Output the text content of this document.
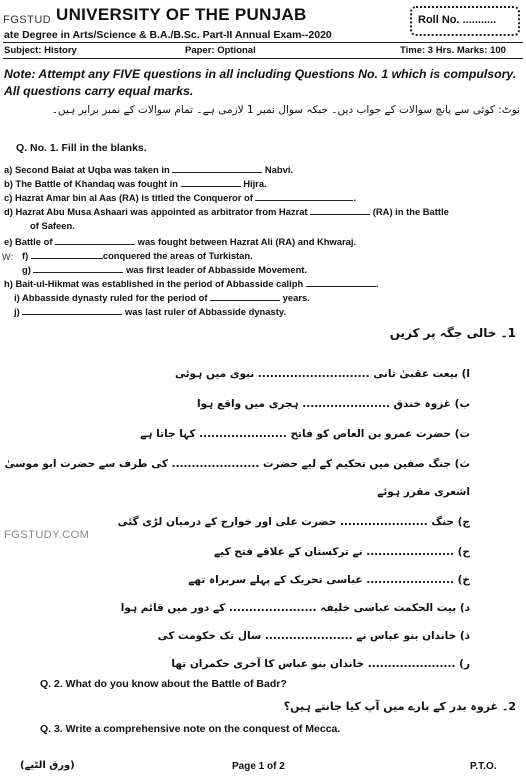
FGSTUD UNIVERSITY OF THE PUNJAB	Roll No. ...........
ate Degree in Arts/Science & B.A./B.Sc. Part-II Annual Exam--2020
Subject: History	Paper: Optional	Time: 3 Hrs. Marks: 100
Note: Attempt any FIVE questions in all including Questions No. 1 which is compulsory. All questions carry equal marks.
نوٹ: کوئی سے پانچ سوالات کے جواب دیں۔ جبکہ سوال نمبر 1 لازمی ہے۔ تمام سوالات کے نمبر برابر ہیں۔
Q. No. 1. Fill in the blanks.
a) Second Baiat at Uqba was taken in	Nabvi.
b) The Battle of Khandaq was fought in	Hijra.
c) Hazrat Amar bin al Aas (RA) is titled the Conqueror of	.
d) Hazrat Abu Musa Ashaari was appointed as arbitrator from Hazrat	(RA) in the Battle
of Safeen.
e) Battle of	was fought between Hazrat Ali (RA) and Khwaraj.
W: f)	conquered the areas of Turkistan.
g)	was first leader of Abbasside Movement.
h) Bait-ul-Hikmat was established in the period of Abbasside caliph	.
i) Abbasside dynasty ruled for the period of	years.
j)	was last ruler of Abbasside dynasty.
1۔ خالی جگہ پر کریں
ا) بیعت عقبیٰ ثانی ............................ نبوی میں ہوئی
ب) غزوہ خندق ...................... ہجری میں واقع ہوا
ت) حضرت عمرو بن العاص کو فاتح ...................... کہا جاتا ہے
ث) جنگ صفین میں تحکیم کے لیے حضرت ...................... کی طرف سے حضرت ابو موسیٰ
اشعری مقرر ہوئے
ج) جنگ ...................... حضرت علی اور خوارج کے درمیان لڑی گئی
FGSTUDY.COM
ح) ...................... نے ترکستان کے علاقے فتح کیے
خ) ...................... عباسی تحریک کے پہلے سربراہ تھے
د) بیت الحکمت عباسی خلیفہ ...................... کے دور میں قائم ہوا
ذ) خاندان بنو عباس نے ...................... سال تک حکومت کی
ر) ...................... خاندان بنو عباس کا آخری حکمران تھا
Q. 2. What do you know about the Battle of Badr?
2۔ غزوہ بدر کے بارے میں آپ کیا جانتے ہیں؟
Q. 3. Write a comprehensive note on the conquest of Mecca.
(ورق الٹیے)	Page 1 of 2	P.T.O.
